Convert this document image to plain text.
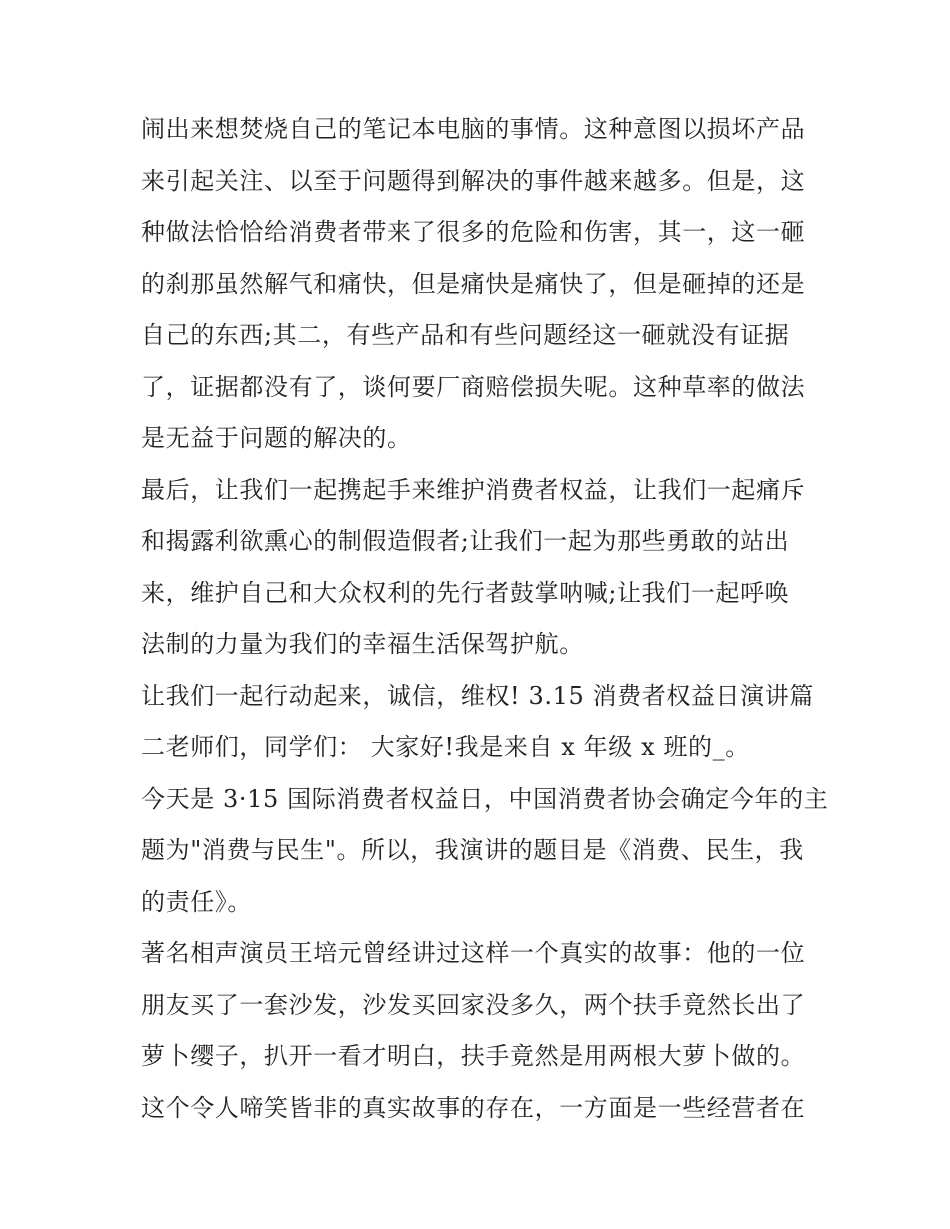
闹出来想焚烧自己的笔记本电脑的事情。这种意图以损坏产品
来引起关注、以至于问题得到解决的事件越来越多。但是，这
种做法恰恰给消费者带来了很多的危险和伤害，其一，这一砸
的刹那虽然解气和痛快，但是痛快是痛快了，但是砸掉的还是
自己的东西;其二，有些产品和有些问题经这一砸就没有证据
了，证据都没有了，谈何要厂商赔偿损失呢。这种草率的做法
是无益于问题的解决的。
最后，让我们一起携起手来维护消费者权益，让我们一起痛斥
和揭露利欲熏心的制假造假者;让我们一起为那些勇敢的站出
来，维护自己和大众权利的先行者鼓掌呐喊;让我们一起呼唤
法制的力量为我们的幸福生活保驾护航。
让我们一起行动起来，诚信，维权! 3.15 消费者权益日演讲篇
二老师们，同学们： 大家好!我是来自 x 年级 x 班的_。
今天是 3·15 国际消费者权益日，中国消费者协会确定今年的主
题为"消费与民生"。所以，我演讲的题目是《消费、民生，我
的责任》。
著名相声演员王培元曾经讲过这样一个真实的故事：他的一位
朋友买了一套沙发，沙发买回家没多久，两个扶手竟然长出了
萝卜缨子，扒开一看才明白，扶手竟然是用两根大萝卜做的。
这个令人啼笑皆非的真实故事的存在，一方面是一些经营者在
